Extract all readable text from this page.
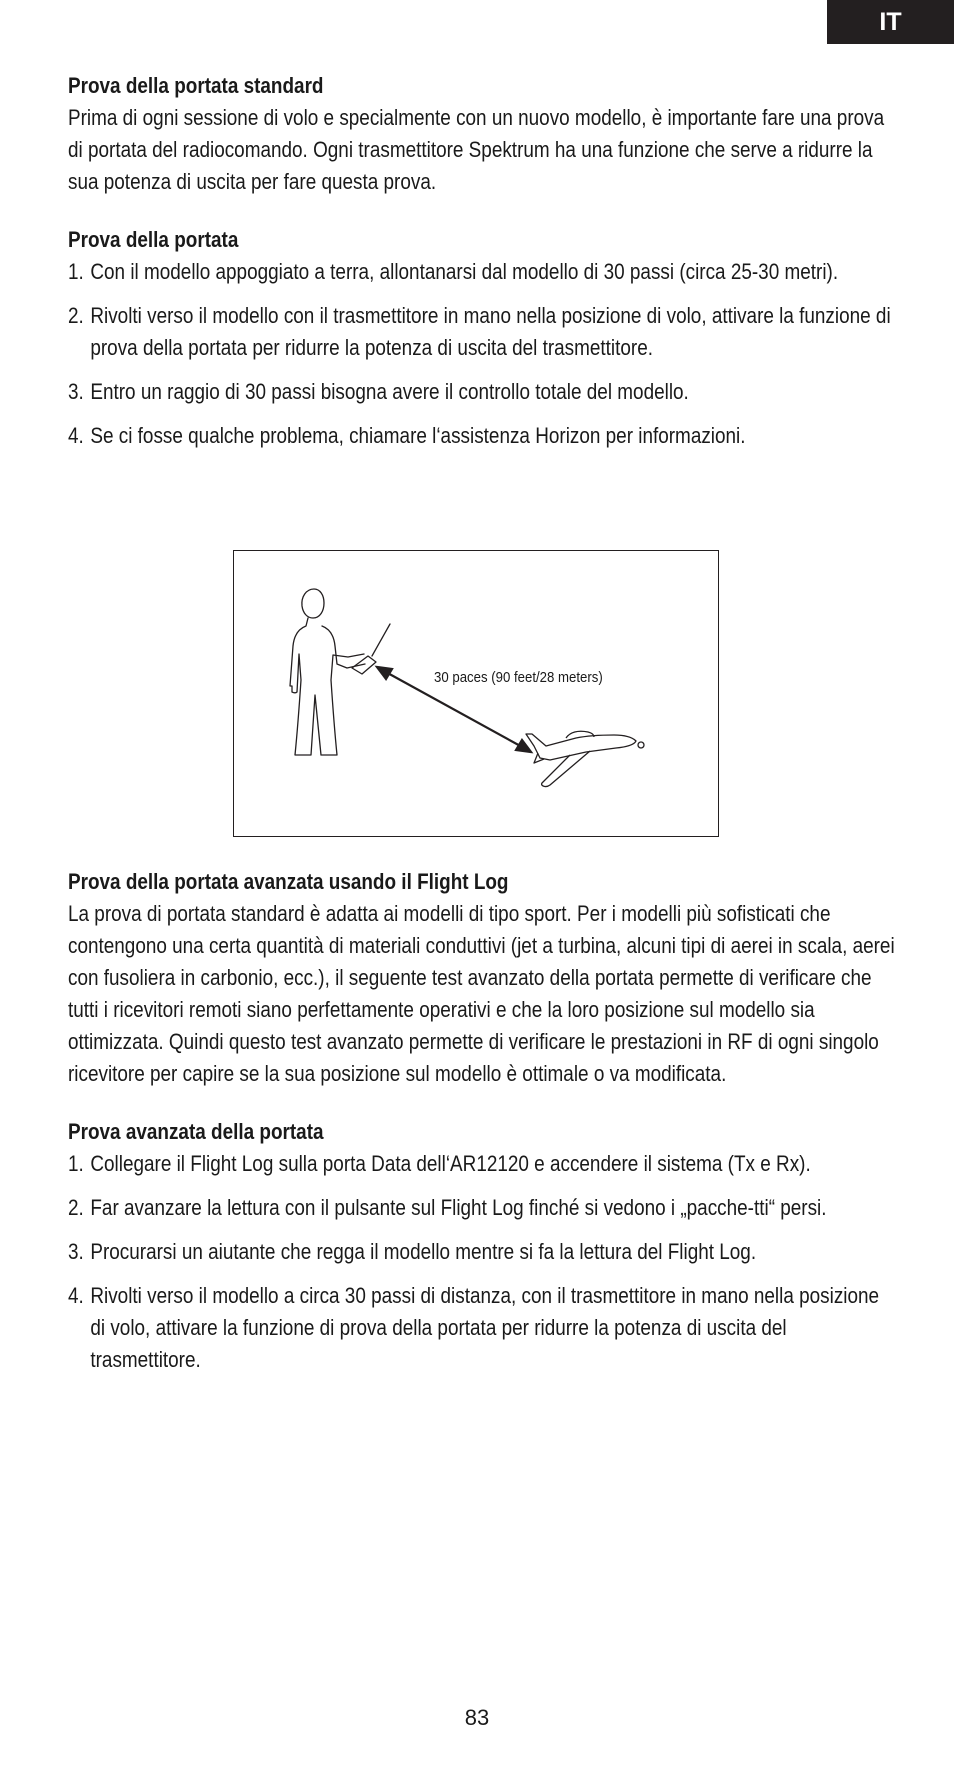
IT
Prova della portata standard

Prima di ogni sessione di volo e specialmente con un nuovo modello, è importante fare una prova di portata del radiocomando. Ogni trasmettitore Spektrum ha una funzione che serve a ridurre la sua potenza di uscita per fare questa prova.

Prova della portata
1. Con il modello appoggiato a terra, allontanarsi dal modello di 30 passi (circa 25-30 metri).
2. Rivolti verso il modello con il trasmettitore in mano nella posizione di volo, attivare la funzione di prova della portata per ridurre la potenza di uscita del trasmettitore.
3. Entro un raggio di 30 passi bisogna avere il controllo totale del modello.
4. Se ci fosse qualche problema, chiamare l‘assistenza Horizon per informazioni.
30 paces (90 feet/28 meters)
Prova della portata avanzata usando il Flight Log

La prova di portata standard è adatta ai modelli di tipo sport. Per i modelli più sofisticati che contengono una certa quantità di materiali conduttivi (jet a turbina, alcuni tipi di aerei in scala, aerei con fusoliera in carbonio, ecc.), il seguente test avanzato della portata permette di verificare che tutti i ricevitori remoti siano perfettamente operativi e che la loro posizione sul modello sia ottimizzata. Quindi questo test avanzato permette di verificare le prestazioni in RF di ogni singolo ricevitore per capire se la sua posizione sul modello è ottimale o va modificata.

Prova avanzata della portata
1. Collegare il Flight Log sulla porta Data dell‘AR12120 e accendere il sistema (Tx e Rx).
2. Far avanzare la lettura con il pulsante sul Flight Log finché si vedono i „pacche-tti“ persi.
3. Procurarsi un aiutante che regga il modello mentre si fa la lettura del Flight Log.
4. Rivolti verso il modello a circa 30 passi di distanza, con il trasmettitore in mano nella posizione di volo, attivare la funzione di prova della portata per ridurre la potenza di uscita del trasmettitore.
83
